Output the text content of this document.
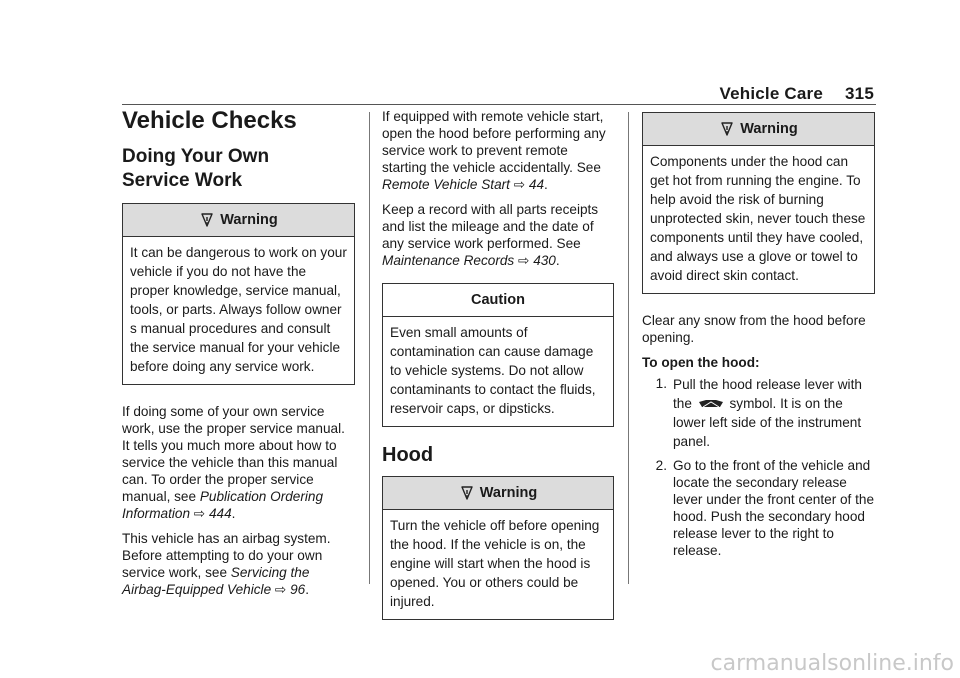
Vehicle Care 315
Vehicle Checks
Doing Your Own
Service Work
Warning
It can be dangerous to work on your vehicle if you do not have the proper knowledge, service manual, tools, or parts. Always follow owner s manual procedures and consult the service manual for your vehicle before doing any service work.

If doing some of your own service work, use the proper service manual. It tells you much more about how to service the vehicle than this manual can. To order the proper service manual, see Publication Ordering Information ⇨ 444.

This vehicle has an airbag system. Before attempting to do your own service work, see Servicing the Airbag-Equipped Vehicle ⇨ 96.

If equipped with remote vehicle start, open the hood before performing any service work to prevent remote starting the vehicle accidentally. See Remote Vehicle Start ⇨ 44.

Keep a record with all parts receipts and list the mileage and the date of any service work performed. See Maintenance Records ⇨ 430.

Caution
Even small amounts of contamination can cause damage to vehicle systems. Do not allow contaminants to contact the fluids, reservoir caps, or dipsticks.
Hood
Warning
Turn the vehicle off before opening the hood. If the vehicle is on, the engine will start when the hood is opened. You or others could be injured.
Warning
Components under the hood can get hot from running the engine. To help avoid the risk of burning unprotected skin, never touch these components until they have cooled, and always use a glove or towel to avoid direct skin contact.

Clear any snow from the hood before opening.

To open the hood:

1. Pull the hood release lever with the	symbol. It is on the lower left side of the instrument panel.
2. Go to the front of the vehicle and locate the secondary release lever under the front center of the hood. Push the secondary hood release lever to the right to release.
carmanualsonline.info
